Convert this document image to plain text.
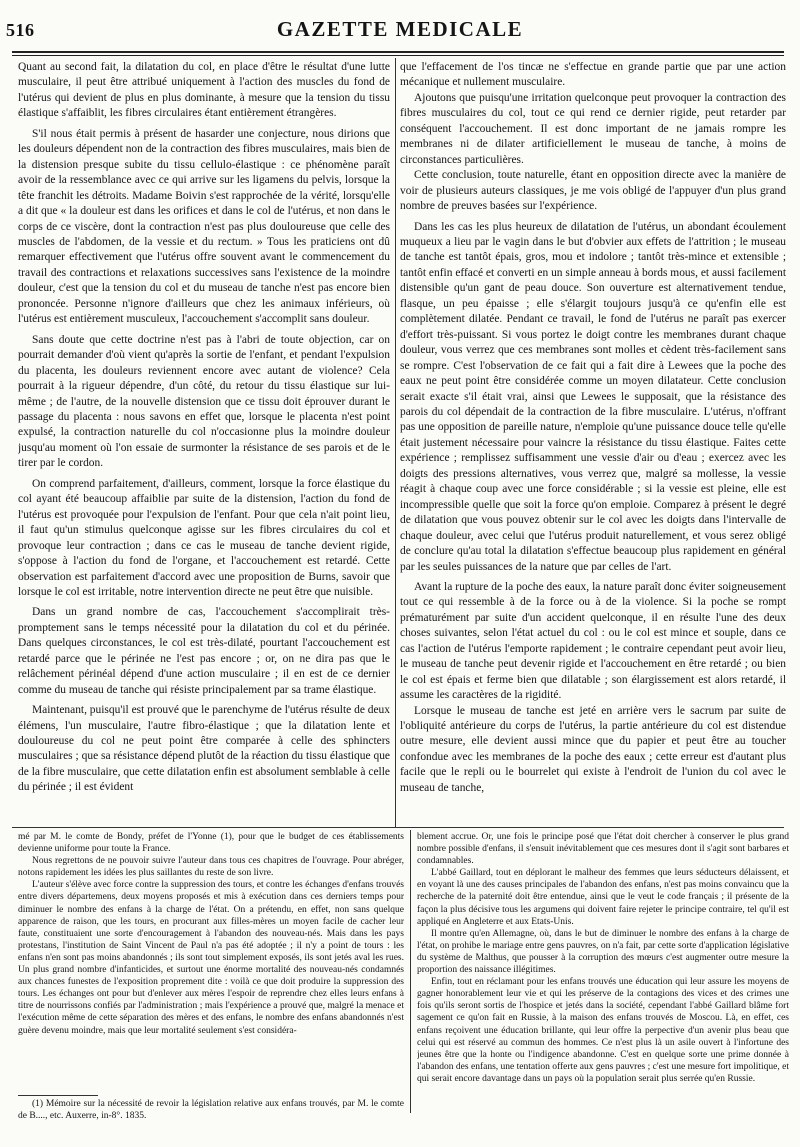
516	GAZETTE MEDICALE

Quant au second fait, la dilatation du col, en place d'être le résultat d'une lutte musculaire, il peut être attribué uniquement à l'action des muscles du fond de l'utérus qui devient de plus en plus dominante, à mesure que la tension du tissu élastique s'affaiblit, les fibres circulaires étant entièrement étrangères.

S'il nous était permis à présent de hasarder une conjecture, nous dirions que les douleurs dépendent non de la contraction des fibres musculaires, mais bien de la distension presque subite du tissu cellulo-élastique : ce phénomène paraît avoir de la ressemblance avec ce qui arrive sur les ligamens du pelvis, lorsque la tête franchit les détroits. Madame Boivin s'est rapprochée de la vérité, lorsqu'elle a dit que « la douleur est dans les orifices et dans le col de l'utérus, et non dans le corps de ce viscère, dont la contraction n'est pas plus douloureuse que celle des muscles de l'abdomen, de la vessie et du rectum. » Tous les praticiens ont dû remarquer effectivement que l'utérus offre souvent avant le commencement du travail des contractions et relaxations successives sans l'existence de la moindre douleur, c'est que la tension du col et du museau de tanche n'est pas encore bien prononcée. Personne n'ignore d'ailleurs que chez les animaux inférieurs, où l'utérus est entièrement musculeux, l'accouchement s'accomplit sans douleur.

Sans doute que cette doctrine n'est pas à l'abri de toute objection, car on pourrait demander d'où vient qu'après la sortie de l'enfant, et pendant l'expulsion du placenta, les douleurs reviennent encore avec autant de violence? Cela pourrait à la rigueur dépendre, d'un côté, du retour du tissu élastique sur lui-même ; de l'autre, de la nouvelle distension que ce tissu doit éprouver durant le passage du placenta : nous savons en effet que, lorsque le placenta n'est point expulsé, la contraction naturelle du col n'occasionne plus la moindre douleur jusqu'au moment où l'on essaie de surmonter la résistance de ses parois et de le tirer par le cordon.

On comprend parfaitement, d'ailleurs, comment, lorsque la force élastique du col ayant été beaucoup affaiblie par suite de la distension, l'action du fond de l'utérus est provoquée pour l'expulsion de l'enfant. Pour que cela n'ait point lieu, il faut qu'un stimulus quelconque agisse sur les fibres circulaires du col et provoque leur contraction ; dans ce cas le museau de tanche devient rigide, s'oppose à l'action du fond de l'organe, et l'accouchement est retardé. Cette observation est parfaitement d'accord avec une proposition de Burns, savoir que lorsque le col est irritable, notre intervention directe ne peut être que nuisible.

Dans un grand nombre de cas, l'accouchement s'accomplirait très-promptement sans le temps nécessité pour la dilatation du col et du périnée. Dans quelques circonstances, le col est très-dilaté, pourtant l'accouchement est retardé parce que le périnée ne l'est pas encore ; or, on ne dira pas que le relâchement périnéal dépend d'une action musculaire ; il en est de ce dernier comme du museau de tanche qui résiste principalement par sa trame élastique.

Maintenant, puisqu'il est prouvé que le parenchyme de l'utérus résulte de deux élémens, l'un musculaire, l'autre fibro-élastique ; que la dilatation lente et douloureuse du col ne peut point être comparée à celle des sphincters musculaires ; que sa résistance dépend plutôt de la réaction du tissu élastique que de la fibre musculaire, que cette dilatation enfin est absolument semblable à celle du périnée ; il est évident

que l'effacement de l'os tincæ ne s'effectue en grande partie que par une action mécanique et nullement musculaire.

Ajoutons que puisqu'une irritation quelconque peut provoquer la contraction des fibres musculaires du col, tout ce qui rend ce dernier rigide, peut retarder par conséquent l'accouchement. Il est donc important de ne jamais rompre les membranes ni de dilater artificiellement le museau de tanche, à moins de circonstances particulières.

Cette conclusion, toute naturelle, étant en opposition directe avec la manière de voir de plusieurs auteurs classiques, je me vois obligé de l'appuyer d'un plus grand nombre de preuves basées sur l'expérience.

Dans les cas les plus heureux de dilatation de l'utérus, un abondant écoulement muqueux a lieu par le vagin dans le but d'obvier aux effets de l'attrition ; le museau de tanche est tantôt épais, gros, mou et indolore ; tantôt très-mince et extensible ; tantôt enfin effacé et converti en un simple anneau à bords mous, et aussi facilement distensible qu'un gant de peau douce. Son ouverture est alternativement tendue, flasque, un peu épaisse ; elle s'élargit toujours jusqu'à ce qu'enfin elle est complètement dilatée. Pendant ce travail, le fond de l'utérus ne paraît pas exercer d'effort très-puissant. Si vous portez le doigt contre les membranes durant chaque douleur, vous verrez que ces membranes sont molles et cèdent très-facilement sans se rompre. C'est l'observation de ce fait qui a fait dire à Lewees que la poche des eaux ne peut point être considérée comme un moyen dilatateur. Cette conclusion serait exacte s'il était vrai, ainsi que Lewees le supposait, que la résistance des parois du col dépendait de la contraction de la fibre musculaire. L'utérus, n'offrant pas une opposition de pareille nature, n'emploie qu'une puissance douce telle qu'elle était justement nécessaire pour vaincre la résistance du tissu élastique. Faites cette expérience ; remplissez suffisamment une vessie d'air ou d'eau ; exercez avec les doigts des pressions alternatives, vous verrez que, malgré sa mollesse, la vessie réagit à chaque coup avec une force considérable ; si la vessie est pleine, elle est incompressible quelle que soit la force qu'on emploie. Comparez à présent le degré de dilatation que vous pouvez obtenir sur le col avec les doigts dans l'intervalle de chaque douleur, avec celui que l'utérus produit naturellement, et vous serez obligé de conclure qu'au total la dilatation s'effectue beaucoup plus rapidement en général par les seules puissances de la nature que par celles de l'art.

Avant la rupture de la poche des eaux, la nature paraît donc éviter soigneusement tout ce qui ressemble à de la force ou à de la violence. Si la poche se rompt prématurément par suite d'un accident quelconque, il en résulte l'une des deux choses suivantes, selon l'état actuel du col : ou le col est mince et souple, dans ce cas l'action de l'utérus l'emporte rapidement ; le contraire cependant peut avoir lieu, le museau de tanche peut devenir rigide et l'accouchement en être retardé ; ou bien le col est épais et ferme bien que dilatable ; son élargissement est alors retardé, il assume les caractères de la rigidité.

Lorsque le museau de tanche est jeté en arrière vers le sacrum par suite de l'obliquité antérieure du corps de l'utérus, la partie antérieure du col est distendue outre mesure, elle devient aussi mince que du papier et peut être au toucher confondue avec les membranes de la poche des eaux ; cette erreur est d'autant plus facile que le repli ou le bourrelet qui existe à l'endroit de l'union du col avec le museau de tanche,

mé par M. le comte de Bondy, préfet de l'Yonne (1), pour que le budget de ces établissements devienne uniforme pour toute la France.

Nous regrettons de ne pouvoir suivre l'auteur dans tous ces chapitres de l'ouvrage. Pour abréger, notons rapidement les idées les plus saillantes du reste de son livre.

L'auteur s'élève avec force contre la suppression des tours, et contre les échanges d'enfans trouvés entre divers départemens, deux moyens proposés et mis à exécution dans ces derniers temps pour diminuer le nombre des enfans à la charge de l'état. On a prétendu, en effet, non sans quelque apparence de raison, que les tours, en procurant aux filles-mères un moyen facile de cacher leur faute, constituaient une sorte d'encouragement à l'abandon des nouveau-nés. Mais dans les pays protestans, l'institution de Saint Vincent de Paul n'a pas été adoptée ; il n'y a point de tours : les enfans n'en sont pas moins abandonnés ; ils sont tout simplement exposés, ils sont jetés aval les rues. Un plus grand nombre d'infanticides, et surtout une énorme mortalité des nouveau-nés condamnés aux chances funestes de l'exposition proprement dite : voilà ce que doit produire la suppression des tours. Les échanges ont pour but d'enlever aux mères l'espoir de reprendre chez elles leurs enfans à titre de nourrissons confiés par l'administration ; mais l'expérience a prouvé que, malgré la menace et l'exécution même de cette séparation des mères et des enfans, le nombre des enfans abandonnés n'est guère devenu moindre, mais que leur mortalité seulement s'est considéra-

(1) Mémoire sur la nécessité de revoir la législation relative aux enfans trouvés, par M. le comte de B...., etc. Auxerre, in-8°. 1835.

blement accrue. Or, une fois le principe posé que l'état doit chercher à conserver le plus grand nombre possible d'enfans, il s'ensuit inévitablement que ces mesures dont il s'agit sont barbares et condamnables.

L'abbé Gaillard, tout en déplorant le malheur des femmes que leurs séducteurs délaissent, et en voyant là une des causes principales de l'abandon des enfans, n'est pas moins convaincu que la recherche de la paternité doit être entendue, ainsi que le veut le code français ; il présente de la façon la plus décisive tous les argumens qui doivent faire rejeter le principe contraire, tel qu'il est appliqué en Angleterre et aux Etats-Unis.

Il montre qu'en Allemagne, où, dans le but de diminuer le nombre des enfans à la charge de l'état, on prohibe le mariage entre gens pauvres, on n'a fait, par cette sorte d'application législative du système de Malthus, que pousser à la corruption des mœurs c'est augmenter outre mesure la proportion des naissance illégitimes.

Enfin, tout en réclamant pour les enfans trouvés une éducation qui leur assure les moyens de gagner honorablement leur vie et qui les préserve de la contagions des vices et des crimes une fois qu'ils seront sortis de l'hospice et jetés dans la société, cependant l'abbé Gaillard blâme fort sagement ce qu'on fait en Russie, à la maison des enfans trouvés de Moscou. Là, en effet, ces enfans reçoivent une éducation brillante, qui leur offre la perpective d'un avenir plus beau que celui qui est réservé au commun des hommes. Ce n'est plus là un asile ouvert à l'infortune des jeunes être que la honte ou l'indigence abandonne. C'est en quelque sorte une prime donnée à l'abandon des enfans, une tentation offerte aux gens pauvres ; c'est une mesure fort impolitique, et qui serait encore davantage dans un pays où la population serait plus serrée qu'en Russie.
